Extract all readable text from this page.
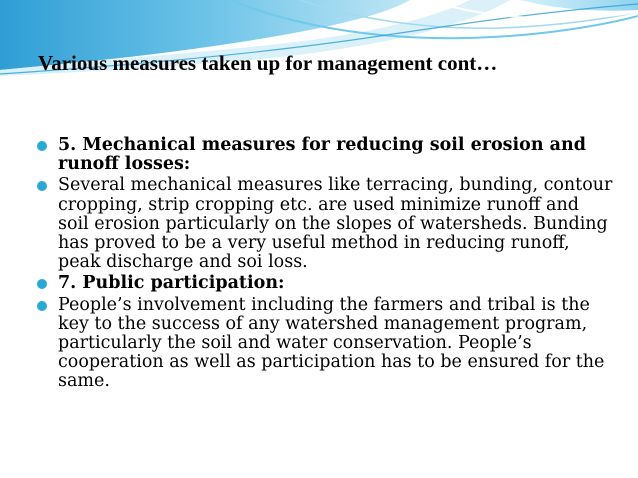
Various measures taken up for management cont…
5. Mechanical measures for reducing soil erosion and runoff losses:
Several mechanical measures like terracing, bunding, contour cropping, strip cropping etc. are used minimize runoff and soil erosion particularly on the slopes of watersheds. Bunding has proved to be a very useful method in reducing runoff, peak discharge and soi loss.
7. Public participation:
People’s involvement including the farmers and tribal is the key to the success of any watershed management program, particularly the soil and water conservation. People’s cooperation as well as participation has to be ensured for the same.
